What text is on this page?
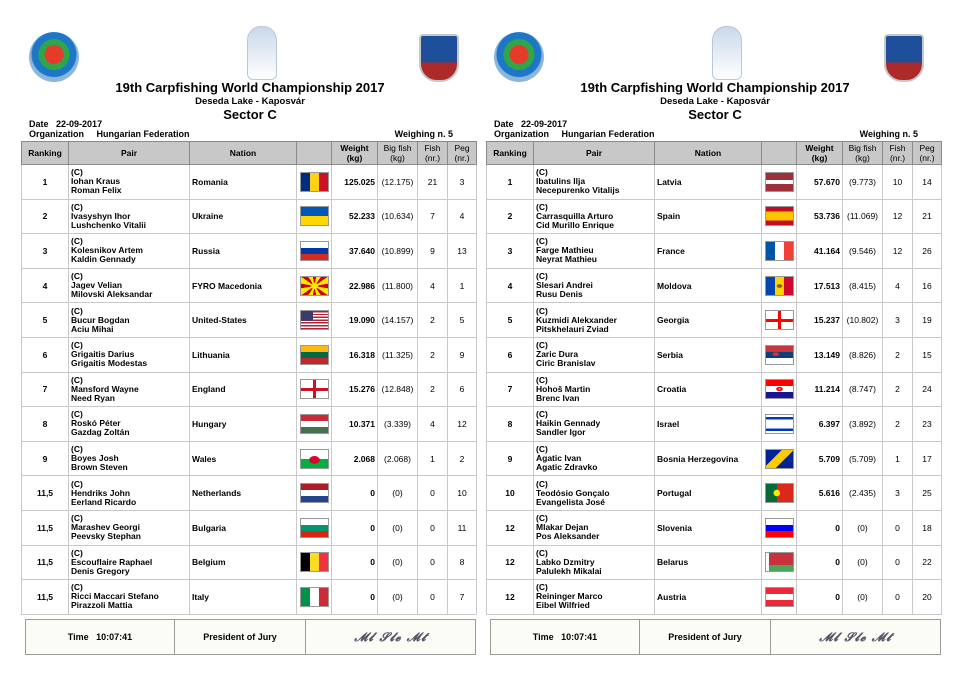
19th Carpfishing World Championship 2017
Deseda Lake - Kaposvár
Sector C
Date 22-09-2017
Organization Hungarian Federation	Weighing n. 5
Ranking	Pair	Nation		Weight (kg)	Big fish (kg)	Fish (nr.)	Peg (nr.)
1	(C)
Iohan Kraus
Roman Felix	Romania		125.025	(12.175)	21	3
2	(C)
Ivasyshyn Ihor
Lushchenko Vitalii	Ukraine		52.233	(10.634)	7	4
3	(C)
Kolesnikov Artem
Kaldin Gennady	Russia		37.640	(10.899)	9	13
4	(C)
Jagev Velian
Milovski Aleksandar	FYRO Macedonia		22.986	(11.800)	4	1
5	(C)
Bucur Bogdan
Aciu Mihai	United-States		19.090	(14.157)	2	5
6	(C)
Grigaitis Darius
Grigaitis Modestas	Lithuania		16.318	(11.325)	2	9
7	(C)
Mansford Wayne
Need Ryan	England		15.276	(12.848)	2	6
8	(C)
Roskó Péter
Gazdag Zoltán	Hungary		10.371	(3.339)	4	12
9	(C)
Boyes Josh
Brown Steven	Wales		2.068	(2.068)	1	2
11,5	(C)
Hendriks John
Eerland Ricardo	Netherlands		0	(0)	0	10
11,5	(C)
Marashev Georgi
Peevsky Stephan	Bulgaria		0	(0)	0	11
11,5	(C)
Escouflaire Raphael
Denis Gregory	Belgium		0	(0)	0	8
11,5	(C)
Ricci Maccari Stefano
Pirazzoli Mattia	Italy		0	(0)	0	7
Time
10:07:41	President of Jury	𝓜𝓵 𝓢𝓵𝓮 𝓜𝓽
19th Carpfishing World Championship 2017
Deseda Lake - Kaposvár
Sector C
Date 22-09-2017
Organization Hungarian Federation	Weighing n. 5
Ranking	Pair	Nation		Weight (kg)	Big fish (kg)	Fish (nr.)	Peg (nr.)
1	(C)
Ibatulins Ilja
Necepurenko Vitalijs	Latvia		57.670	(9.773)	10	14
2	(C)
Carrasquilla Arturo
Cid Murillo Enrique	Spain		53.736	(11.069)	12	21
3	(C)
Farge Mathieu
Neyrat Mathieu	France		41.164	(9.546)	12	26
4	(C)
Slesari Andrei
Rusu Denis	Moldova		17.513	(8.415)	4	16
5	(C)
Kuzmidi Alekxander
Pitskhelauri Zviad	Georgia		15.237	(10.802)	3	19
6	(C)
Zaric Dura
Ciric Branislav	Serbia		13.149	(8.826)	2	15
7	(C)
Hohoš Martin
Brenc Ivan	Croatia		11.214	(8.747)	2	24
8	(C)
Haikin Gennady
Sandler Igor	Israel		6.397	(3.892)	2	23
9	(C)
Agatic Ivan
Agatic Zdravko	Bosnia Herzegovina		5.709	(5.709)	1	17
10	(C)
Teodósio Gonçalo
Evangelista José	Portugal		5.616	(2.435)	3	25
12	(C)
Mlakar Dejan
Pos Aleksander	Slovenia		0	(0)	0	18
12	(C)
Labko Dzmitry
Palulekh Mikalai	Belarus		0	(0)	0	22
12	(C)
Reininger Marco
Eibel Wilfried	Austria		0	(0)	0	20
Time
10:07:41	President of Jury	𝓜𝓵 𝓢𝓵𝓮 𝓜𝓽
